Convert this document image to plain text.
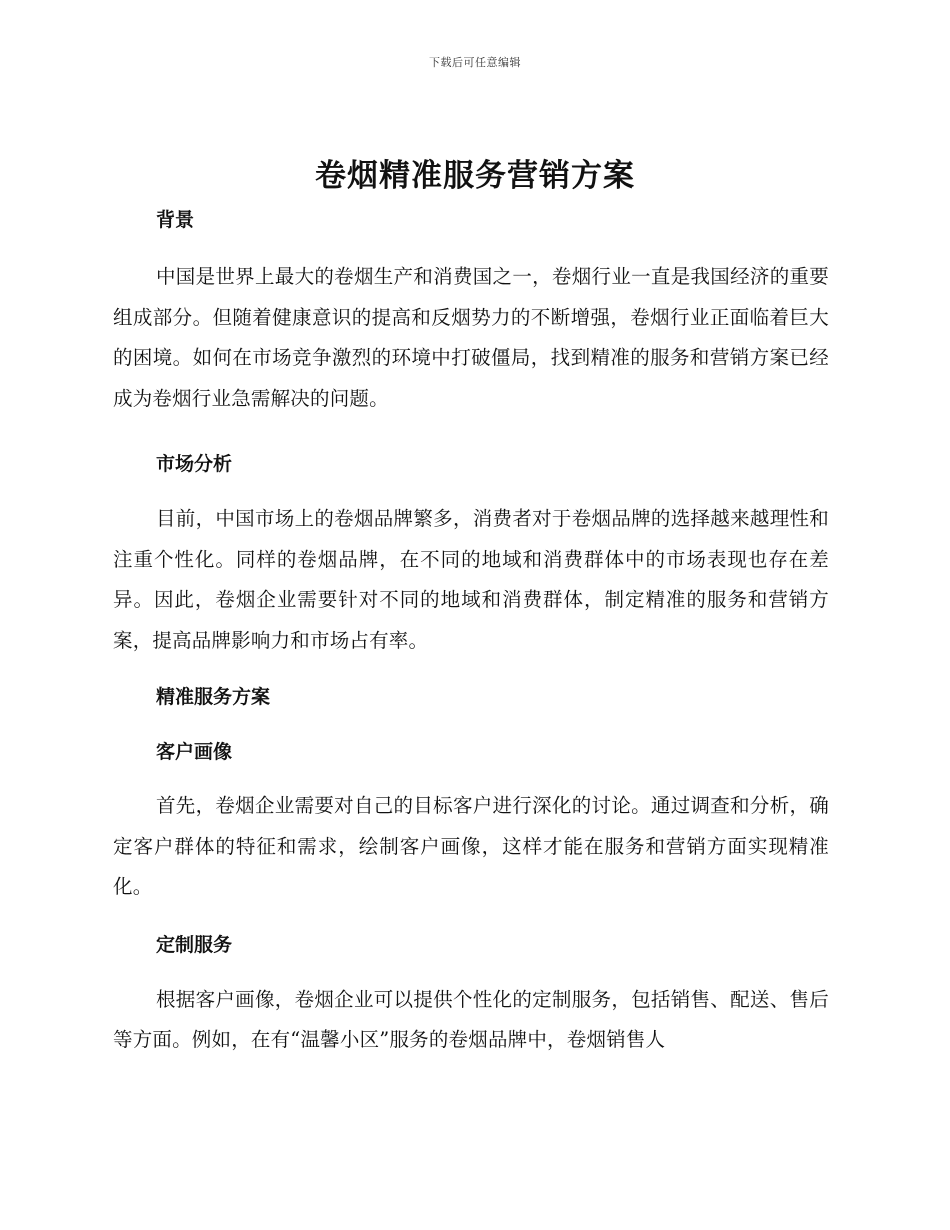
下载后可任意编辑
卷烟精准服务营销方案
背景

中国是世界上最大的卷烟生产和消费国之一，卷烟行业一直是我国经济的重要组成部分。但随着健康意识的提高和反烟势力的不断增强，卷烟行业正面临着巨大的困境。如何在市场竞争激烈的环境中打破僵局，找到精准的服务和营销方案已经成为卷烟行业急需解决的问题。

市场分析

目前，中国市场上的卷烟品牌繁多，消费者对于卷烟品牌的选择越来越理性和注重个性化。同样的卷烟品牌，在不同的地域和消费群体中的市场表现也存在差异。因此，卷烟企业需要针对不同的地域和消费群体，制定精准的服务和营销方案，提高品牌影响力和市场占有率。

精准服务方案
客户画像

首先，卷烟企业需要对自己的目标客户进行深化的讨论。通过调查和分析，确定客户群体的特征和需求，绘制客户画像，这样才能在服务和营销方面实现精准化。

定制服务

根据客户画像，卷烟企业可以提供个性化的定制服务，包括销售、配送、售后等方面。例如，在有“温馨小区”服务的卷烟品牌中，卷烟销售人
